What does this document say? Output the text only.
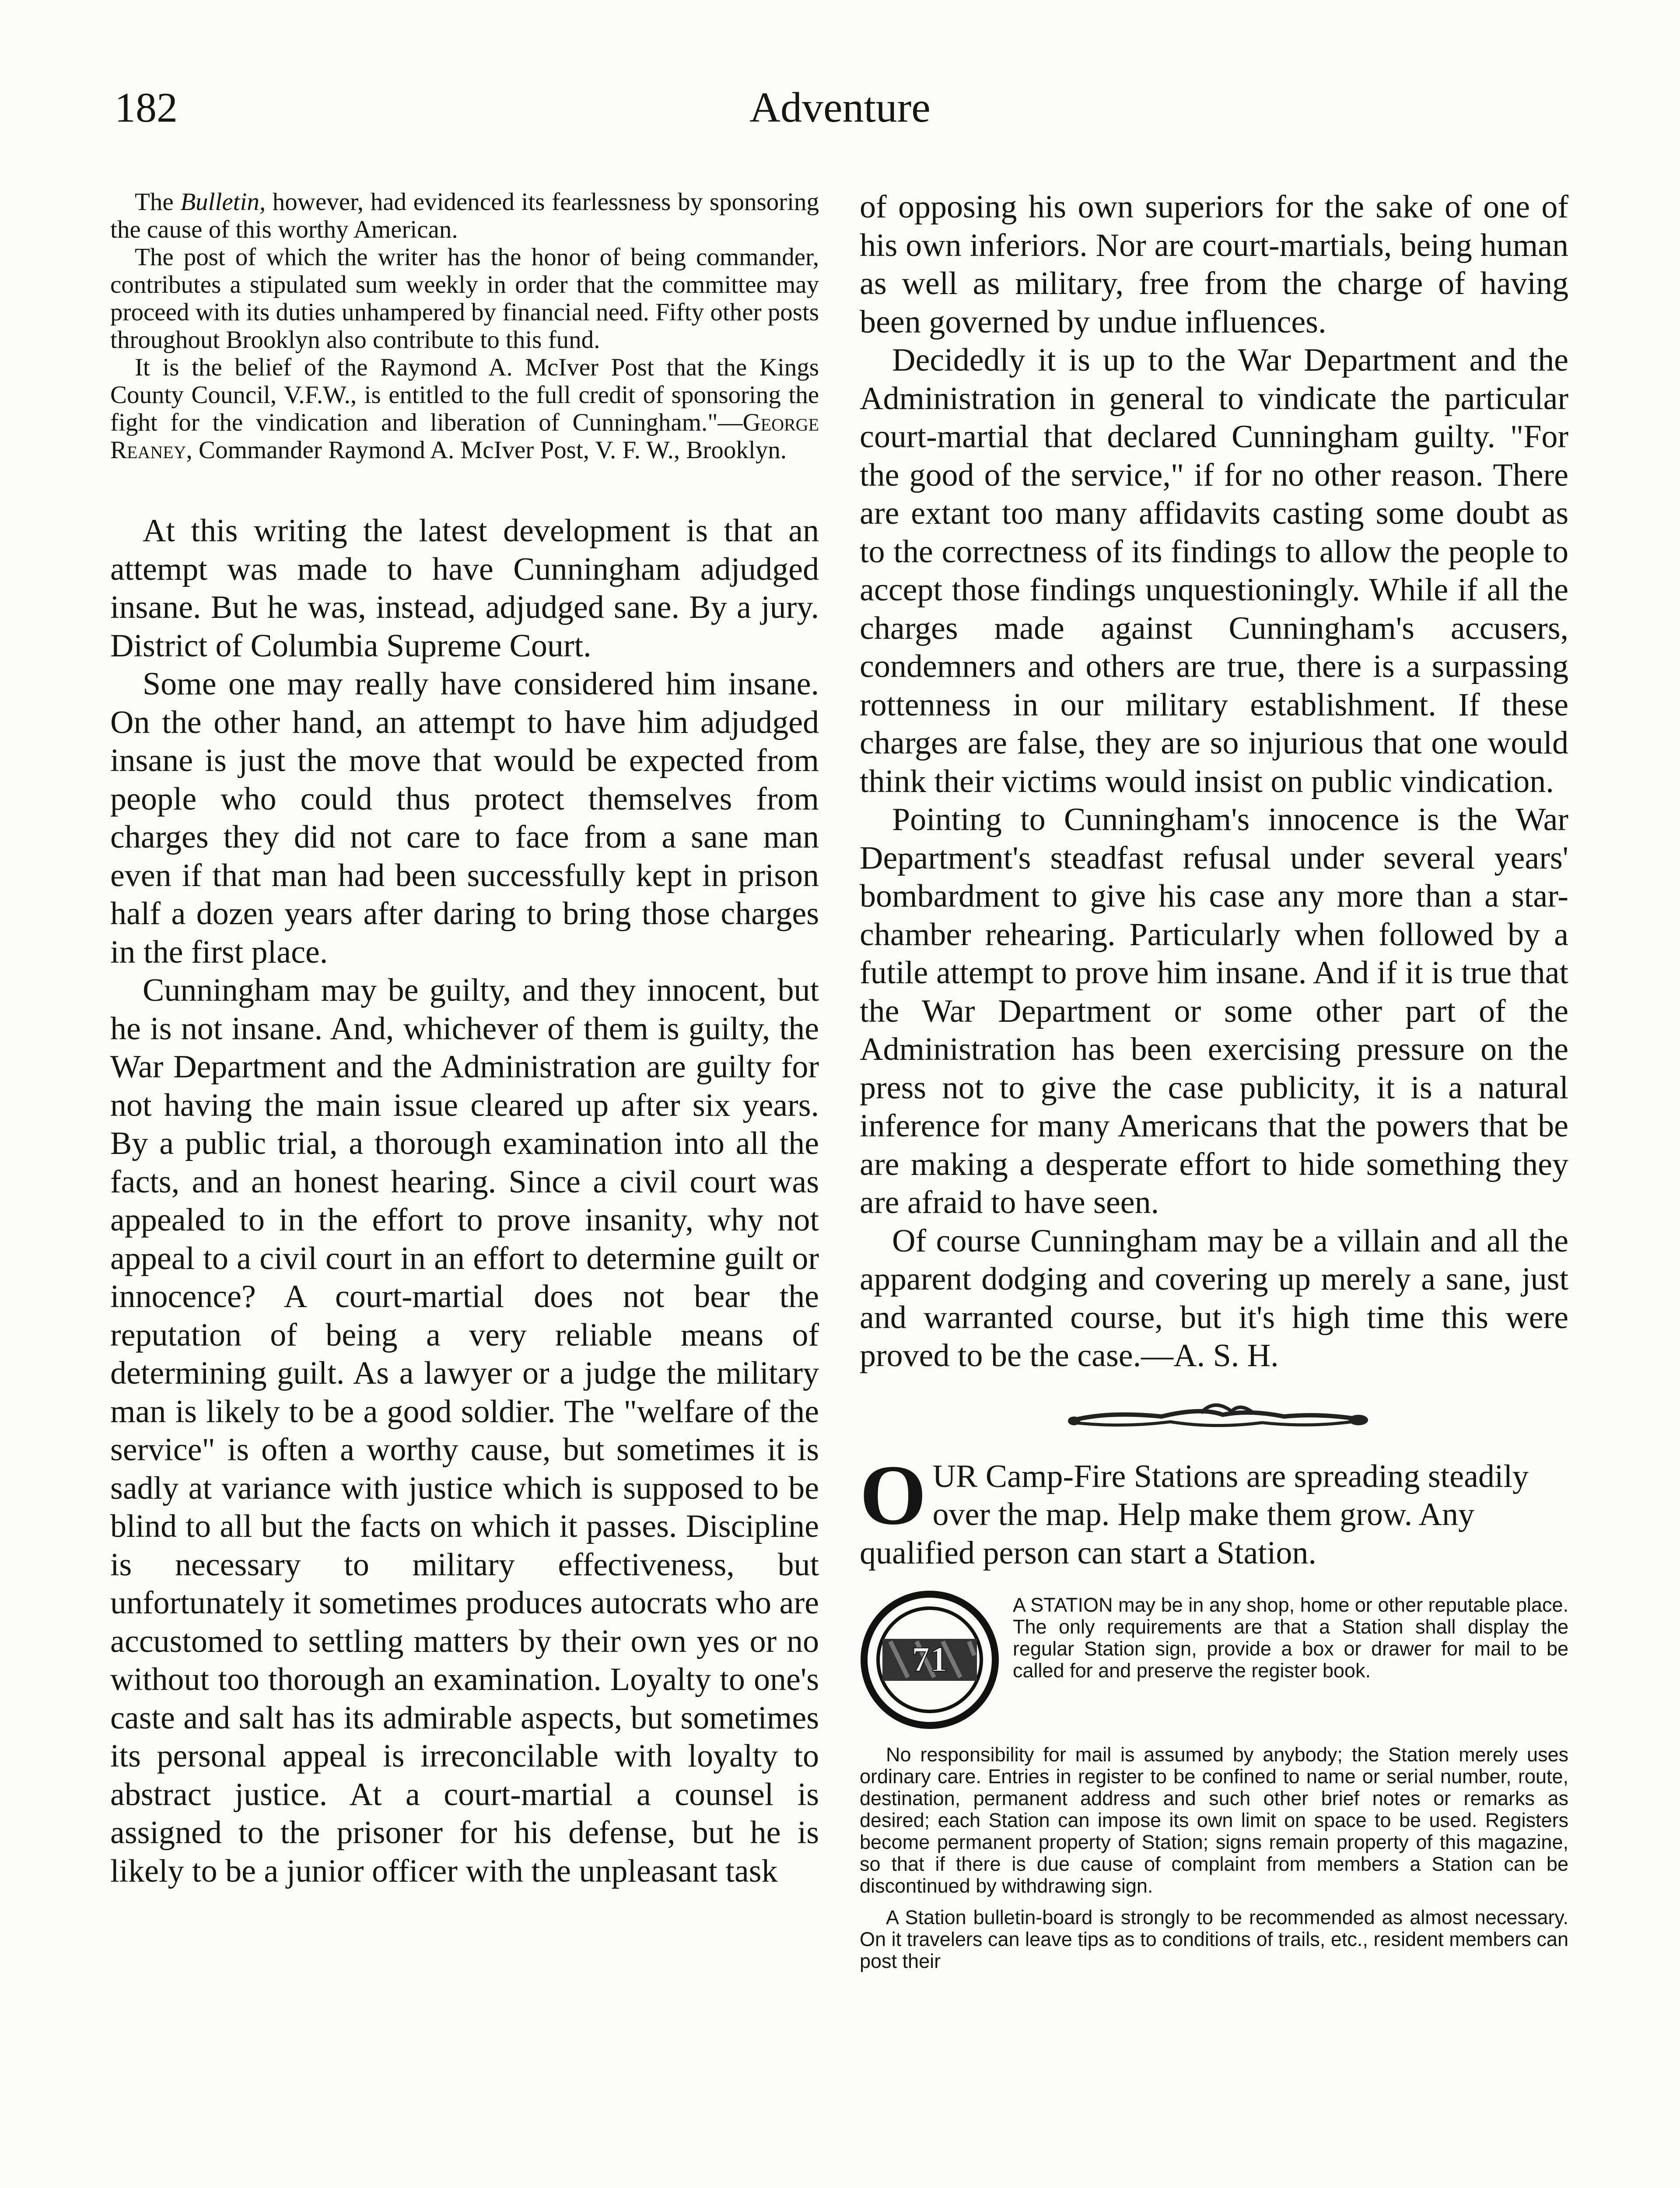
182	Adventure

The Bulletin, however, had evidenced its fearlessness by sponsoring the cause of this worthy American.

The post of which the writer has the honor of being commander, contributes a stipulated sum weekly in order that the committee may proceed with its duties unhampered by financial need. Fifty other posts throughout Brooklyn also contribute to this fund.

It is the belief of the Raymond A. McIver Post that the Kings County Council, V.F.W., is entitled to the full credit of sponsoring the fight for the vindication and liberation of Cunningham."—George Reaney, Commander Raymond A. McIver Post, V. F. W., Brooklyn.

At this writing the latest development is that an attempt was made to have Cunningham adjudged insane. But he was, instead, adjudged sane. By a jury. District of Columbia Supreme Court.

Some one may really have considered him insane. On the other hand, an attempt to have him adjudged insane is just the move that would be expected from people who could thus protect themselves from charges they did not care to face from a sane man even if that man had been successfully kept in prison half a dozen years after daring to bring those charges in the first place.

Cunningham may be guilty, and they innocent, but he is not insane. And, whichever of them is guilty, the War Department and the Administration are guilty for not having the main issue cleared up after six years. By a public trial, a thorough examination into all the facts, and an honest hearing. Since a civil court was appealed to in the effort to prove insanity, why not appeal to a civil court in an effort to determine guilt or innocence? A court-martial does not bear the reputation of being a very reliable means of determining guilt. As a lawyer or a judge the military man is likely to be a good soldier. The "welfare of the service" is often a worthy cause, but sometimes it is sadly at variance with justice which is supposed to be blind to all but the facts on which it passes. Discipline is necessary to military effectiveness, but unfortunately it sometimes produces autocrats who are accustomed to settling matters by their own yes or no without too thorough an examination. Loyalty to one's caste and salt has its admirable aspects, but sometimes its personal appeal is irreconcilable with loyalty to abstract justice. At a court-martial a counsel is assigned to the prisoner for his defense, but he is likely to be a junior officer with the unpleasant task

of opposing his own superiors for the sake of one of his own inferiors. Nor are court-martials, being human as well as military, free from the charge of having been governed by undue influences.

Decidedly it is up to the War Department and the Administration in general to vindicate the particular court-martial that declared Cunningham guilty. "For the good of the service," if for no other reason. There are extant too many affidavits casting some doubt as to the correctness of its findings to allow the people to accept those findings unquestioningly. While if all the charges made against Cunningham's accusers, condemners and others are true, there is a surpassing rottenness in our military establishment. If these charges are false, they are so injurious that one would think their victims would insist on public vindication.

Pointing to Cunningham's innocence is the War Department's steadfast refusal under several years' bombardment to give his case any more than a star-chamber rehearing. Particularly when followed by a futile attempt to prove him insane. And if it is true that the War Department or some other part of the Administration has been exercising pressure on the press not to give the case publicity, it is a natural inference for many Americans that the powers that be are making a desperate effort to hide something they are afraid to have seen.

Of course Cunningham may be a villain and all the apparent dodging and covering up merely a sane, just and warranted course, but it's high time this were proved to be the case.—A. S. H.

OUR Camp-Fire Stations are spreading steadily over the map. Help make them grow. Any qualified person can start a Station.

71

A STATION may be in any shop, home or other reputable place. The only requirements are that a Station shall display the regular Station sign, provide a box or drawer for mail to be called for and preserve the register book.

No responsibility for mail is assumed by anybody; the Station merely uses ordinary care. Entries in register to be confined to name or serial number, route, destination, permanent address and such other brief notes or remarks as desired; each Station can impose its own limit on space to be used. Registers become permanent property of Station; signs remain property of this magazine, so that if there is due cause of complaint from members a Station can be discontinued by withdrawing sign.

A Station bulletin-board is strongly to be recommended as almost necessary. On it travelers can leave tips as to conditions of trails, etc., resident members can post their
